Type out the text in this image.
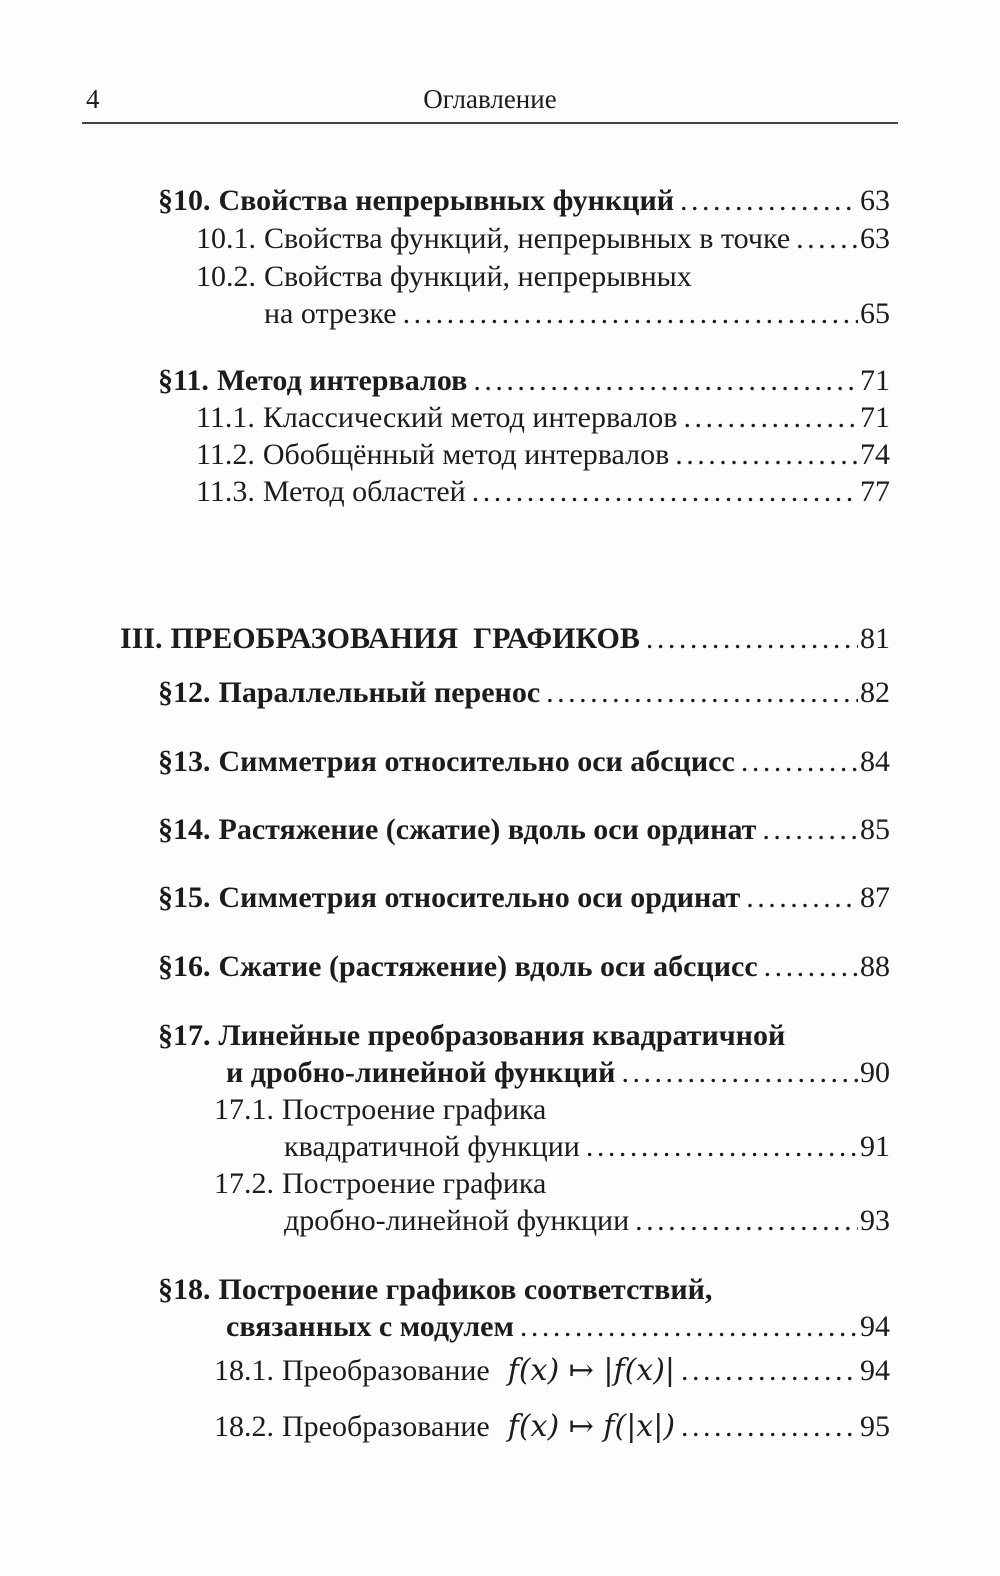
4	Оглавление
§10. Свойства непрерывных функций . . .	63
10.1. Свойства функций, непрерывных в точке . . . 63
10.2. Свойства функций, непрерывных
на отрезке . . .	65
§11. Метод интервалов . . .	71
11.1. Классический метод интервалов . . .	71
11.2. Обобщённый метод интервалов . . .	74
11.3. Метод областей . . .	77
III. ПРЕОБРАЗОВАНИЯ  ГРАФИКОВ . . .	81
§12. Параллельный перенос . . .	82
§13. Симметрия относительно оси абсцисс . . .	84
§14. Растяжение (сжатие) вдоль оси ординат . . .	85
§15. Симметрия относительно оси ординат . . .	87
§16. Сжатие (растяжение) вдоль оси абсцисс . . .	88
§17. Линейные преобразования квадратичной
и дробно-линейной функций . . .	90
17.1. Построение графика
квадратичной функции . . .	91
17.2. Построение графика
дробно-линейной функции . . .	93
§18. Построение графиков соответствий,
связанных с модулем . . .	94
18.1. Преобразование f(x) ↦ |f(x)| . . .	94
18.2. Преобразование f(x) ↦ f(|x|) . . .	95
